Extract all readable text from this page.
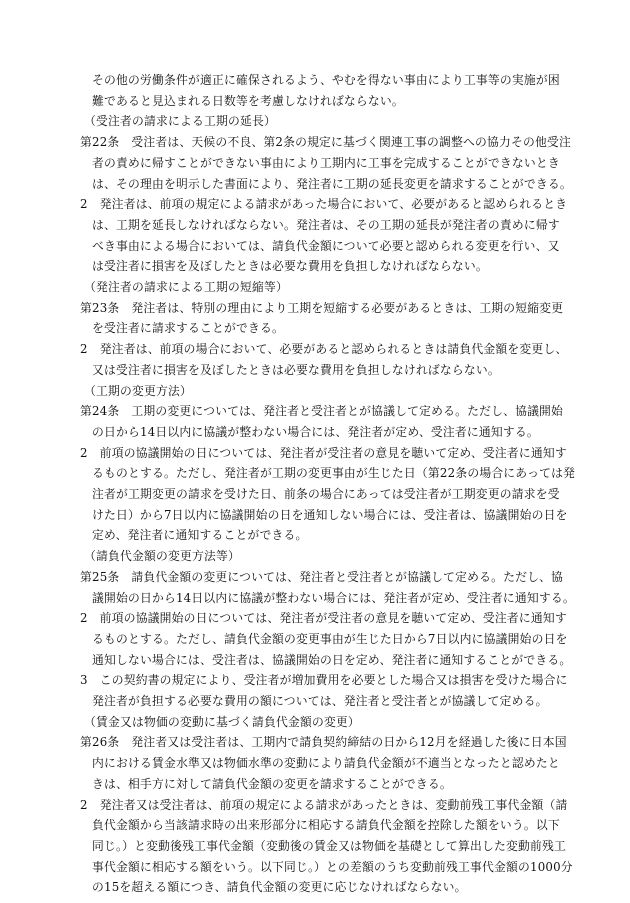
その他の労働条件が適正に確保されるよう、やむを得ない事由により工事等の実施が困
難であると見込まれる日数等を考慮しなければならない。
（受注者の請求による工期の延長）
第22条　受注者は、天候の不良、第2条の規定に基づく関連工事の調整への協力その他受注
者の責めに帰すことができない事由により工期内に工事を完成することができないとき
は、その理由を明示した書面により、発注者に工期の延長変更を請求することができる。
2　発注者は、前項の規定による請求があった場合において、必要があると認められるとき
は、工期を延長しなければならない。発注者は、その工期の延長が発注者の責めに帰す
べき事由による場合においては、請負代金額について必要と認められる変更を行い、又
は受注者に損害を及ぼしたときは必要な費用を負担しなければならない。
（発注者の請求による工期の短縮等）
第23条　発注者は、特別の理由により工期を短縮する必要があるときは、工期の短縮変更
を受注者に請求することができる。
2　発注者は、前項の場合において、必要があると認められるときは請負代金額を変更し、
又は受注者に損害を及ぼしたときは必要な費用を負担しなければならない。
（工期の変更方法）
第24条　工期の変更については、発注者と受注者とが協議して定める。ただし、協議開始
の日から14日以内に協議が整わない場合には、発注者が定め、受注者に通知する。
2　前項の協議開始の日については、発注者が受注者の意見を聴いて定め、受注者に通知す
るものとする。ただし、発注者が工期の変更事由が生じた日（第22条の場合にあっては発
注者が工期変更の請求を受けた日、前条の場合にあっては受注者が工期変更の請求を受
けた日）から7日以内に協議開始の日を通知しない場合には、受注者は、協議開始の日を
定め、発注者に通知することができる。
（請負代金額の変更方法等）
第25条　請負代金額の変更については、発注者と受注者とが協議して定める。ただし、協
議開始の日から14日以内に協議が整わない場合には、発注者が定め、受注者に通知する。
2　前項の協議開始の日については、発注者が受注者の意見を聴いて定め、受注者に通知す
るものとする。ただし、請負代金額の変更事由が生じた日から7日以内に協議開始の日を
通知しない場合には、受注者は、協議開始の日を定め、発注者に通知することができる。
3　この契約書の規定により、受注者が増加費用を必要とした場合又は損害を受けた場合に
発注者が負担する必要な費用の額については、発注者と受注者とが協議して定める。
（賃金又は物価の変動に基づく請負代金額の変更）
第26条　発注者又は受注者は、工期内で請負契約締結の日から12月を経過した後に日本国
内における賃金水準又は物価水準の変動により請負代金額が不適当となったと認めたと
きは、相手方に対して請負代金額の変更を請求することができる。
2　発注者又は受注者は、前項の規定による請求があったときは、変動前残工事代金額（請
負代金額から当該請求時の出来形部分に相応する請負代金額を控除した額をいう。以下
同じ。）と変動後残工事代金額（変動後の賃金又は物価を基礎として算出した変動前残工
事代金額に相応する額をいう。以下同じ。）との差額のうち変動前残工事代金額の1000分
の15を超える額につき、請負代金額の変更に応じなければならない。
